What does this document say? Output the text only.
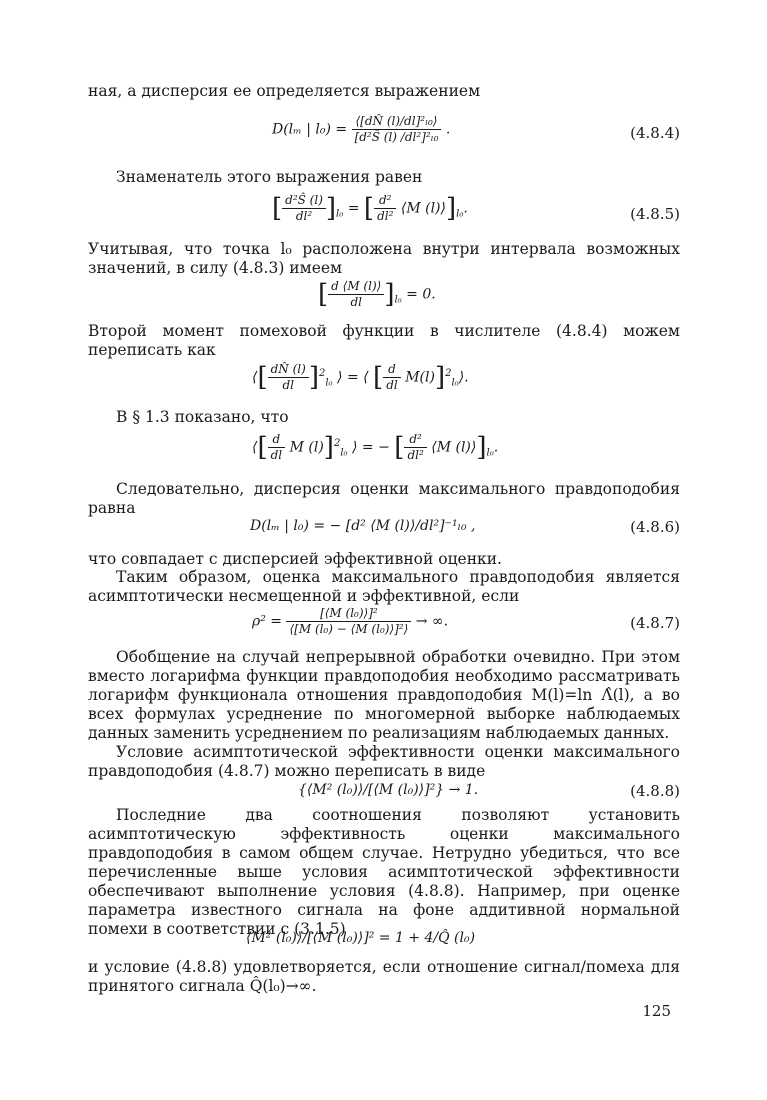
ная, а дисперсия ее определяется выражением
D(lₘ | $l_0) = \frac{\text{⟨[dN̂ (l)/dl]²ₗ₀⟩}}{\text{[d²Ŝ (l) /dl²]²ₗ₀}}$ .	(4.8.4)
Знаменатель этого выражения равен
[ $\frac{\text{d²Ŝ (l)}}{\text{dl²}} ]_{l_0}$ = [ $\frac{\text{d²}}{\text{dl²}}$ ⟨M $(l)⟩]_{l_0}$.	(4.8.5)
Учитывая, что точка l₀ расположена внутри интервала возможных значений, в силу (4.8.3) имеем
[ $\frac{d ⟨M (l)⟩}{dl} ]_{l_0} = 0$.
Второй момент помеховой функции в числителе (4.8.4) можем переписать как
⟨[ $\frac{dN̂ (l)}{dl} ]^2_{l_0}$ ⟩ = ⟨ [ $\frac{d}{dl}$ M(l)]$^2_{l_0}$⟩.
В § 1.3 показано, что
⟨[ $\frac{d}{dl}$ M (l)]$^2_{l_0}$ ⟩ = − [ $\frac{\text{d²}}{\text{dl²}}$ ⟨M $(l)⟩]_{l_0}$.
Следовательно, дисперсия оценки максимального правдоподобия равна
D(lₘ | l₀) = − [d² ⟨M (l)⟩/dl²]⁻¹ₗ₀ ,	(4.8.6)
что совпадает с дисперсией эффективной оценки.
Таким образом, оценка максимального правдоподобия является асимптотически несмещенной и эффективной, если
$\rho^2 = \frac{\text{[⟨M (l₀)⟩]²}}{\text{⟨[M (l₀) − ⟨M (l₀)⟩]²⟩}}$ → ∞.	(4.8.7)
Обобщение на случай непрерывной обработки очевидно. При этом вместо логарифма функции правдоподобия необходимо рассматривать логарифм функционала отношения правдоподобия M(l)=ln Λ̂(l), а во всех формулах усреднение по многомерной выборке наблюдаемых данных заменить усреднением по реализациям наблюдаемых данных.
Условие асимптотической эффективности оценки максимального правдоподобия (4.8.7) можно переписать в виде
{⟨M² (l₀)⟩/[⟨M (l₀)⟩]²} → 1.	(4.8.8)
Последние два соотношения позволяют установить асимптотическую эффективность оценки максимального правдоподобия в самом общем случае. Нетрудно убедиться, что все перечисленные выше условия асимптотической эффективности обеспечивают выполнение условия (4.8.8). Например, при оценке параметра известного сигнала на фоне аддитивной нормальной помехи в соответствии с (3.1.5)
⟨M² (l₀)⟩/[⟨M (l₀)⟩]² = 1 + 4/Q̂ (l₀)
и условие (4.8.8) удовлетворяется, если отношение сигнал/помеха для принятого сигнала Q̂(l₀)→∞.
125
